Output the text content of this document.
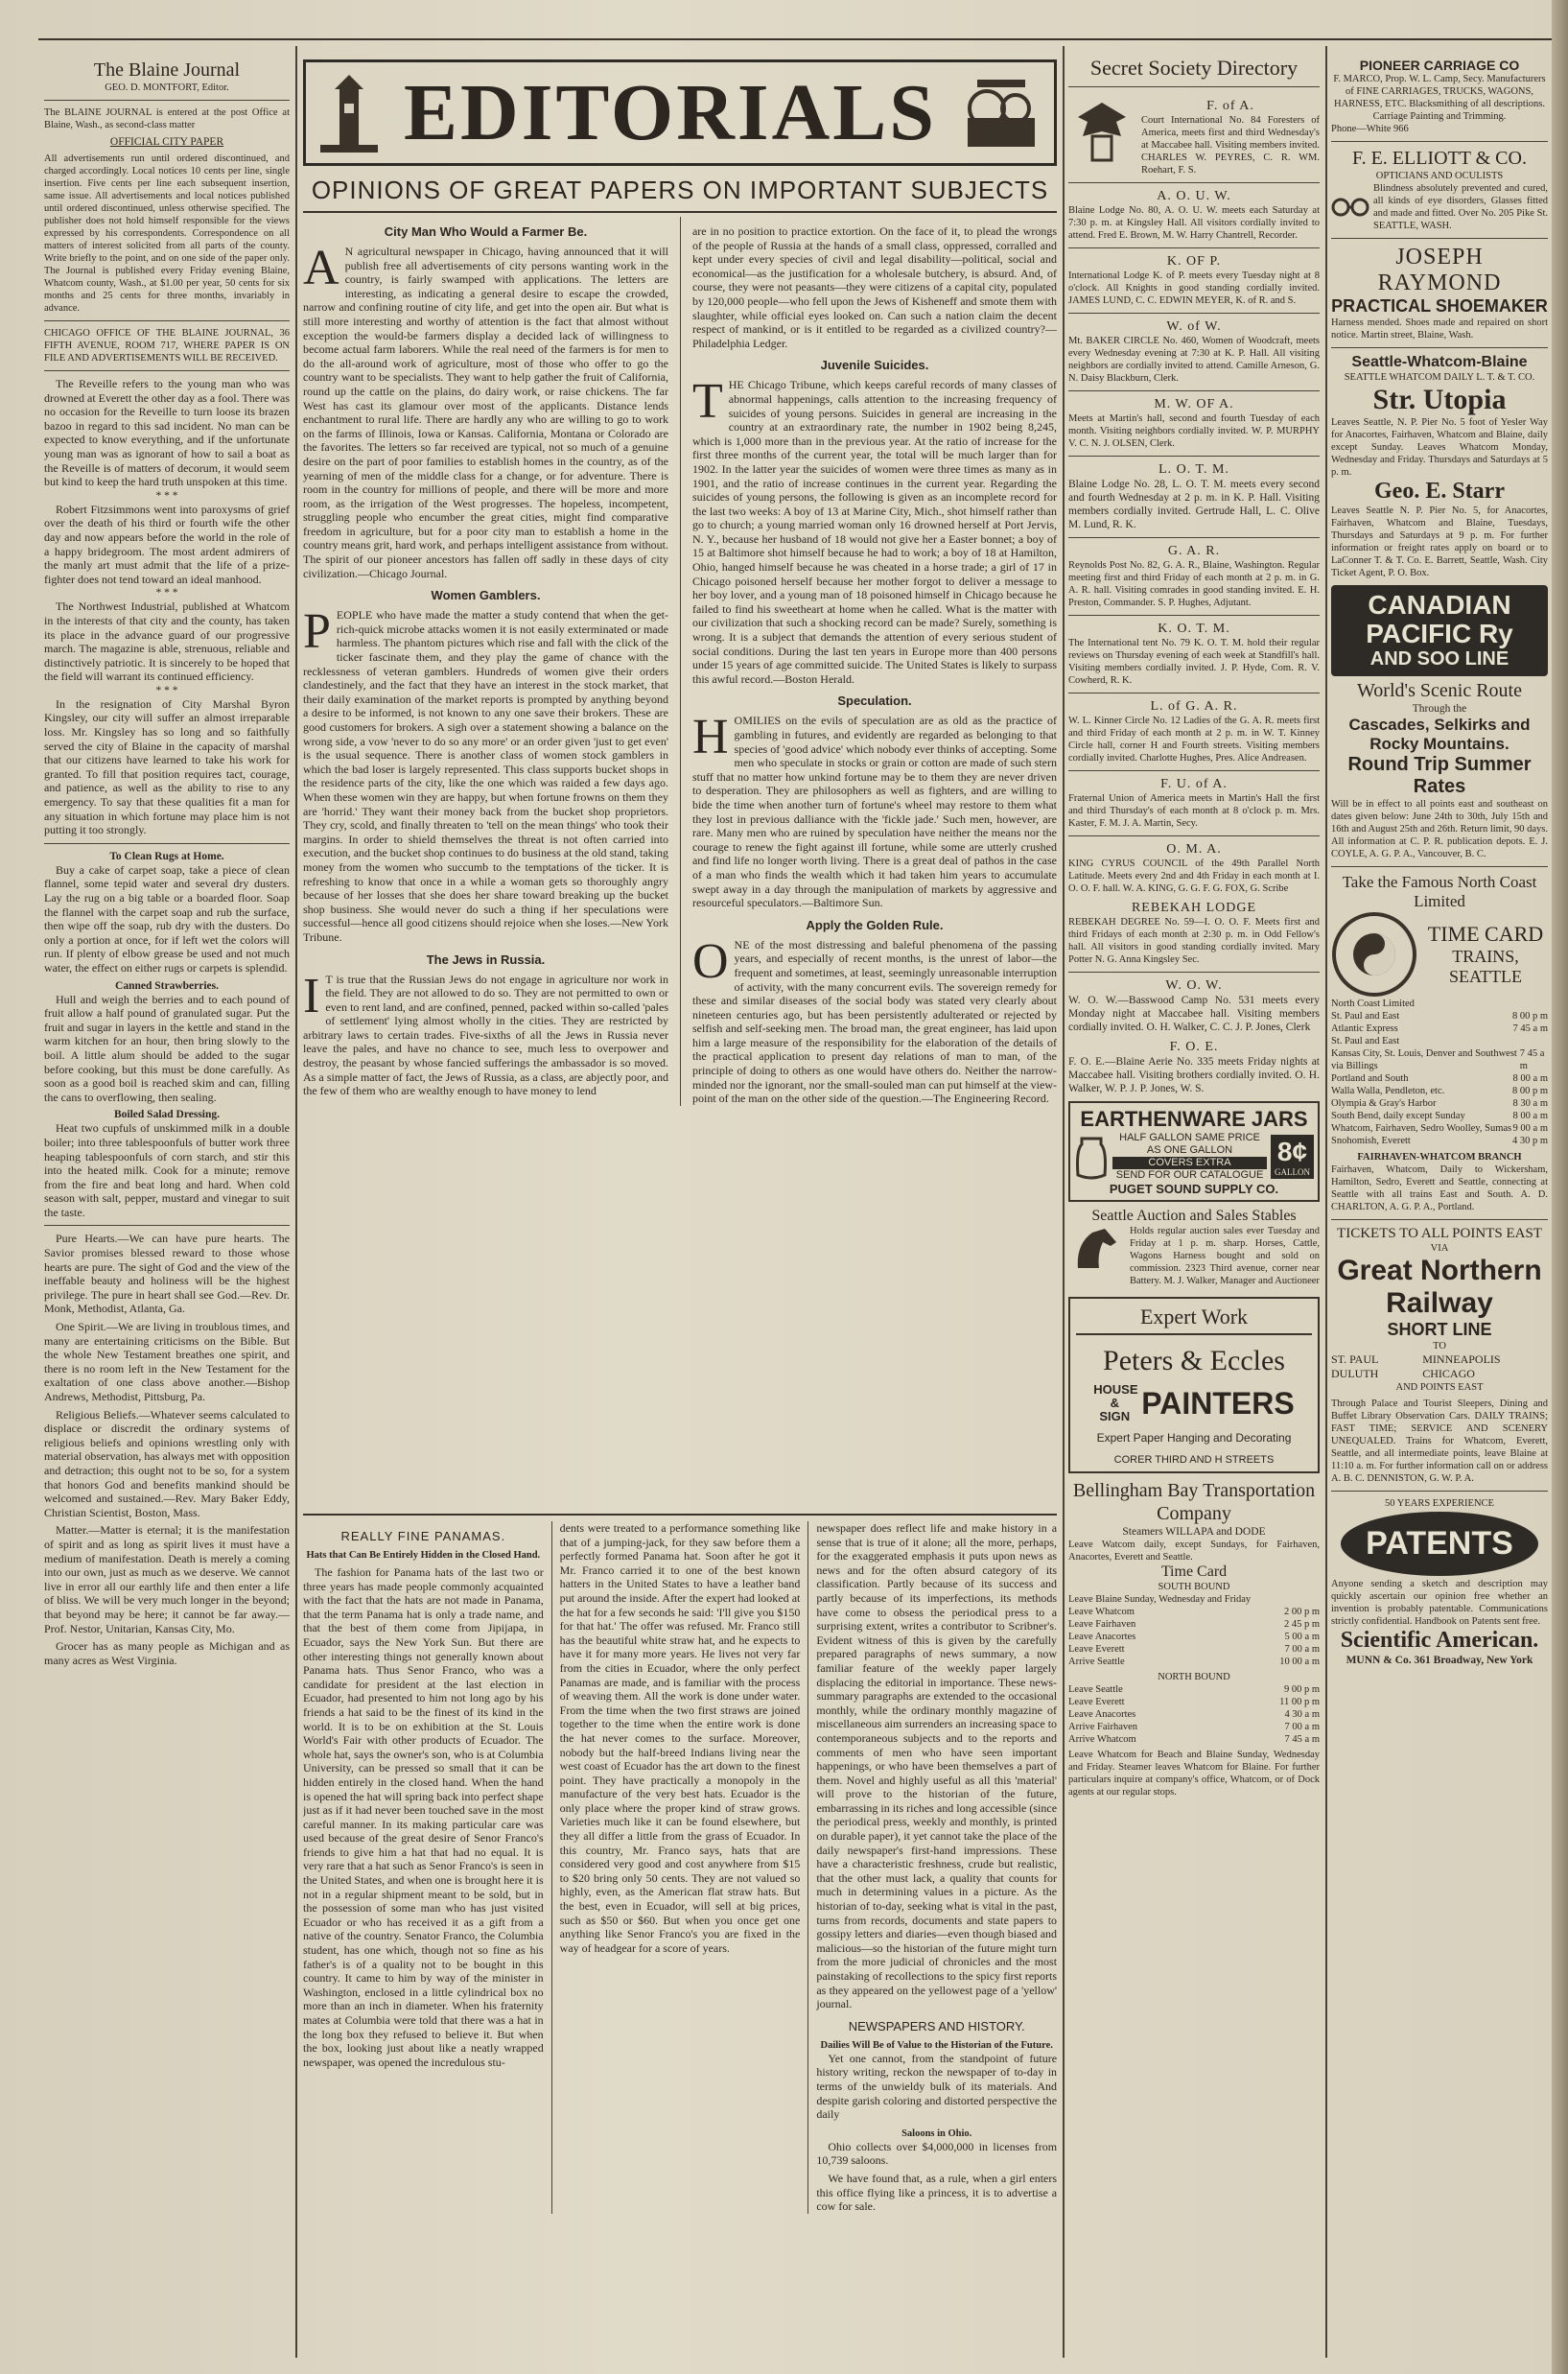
The Blaine Journal
GEO. D. MONTFORT, Editor.

The BLAINE JOURNAL is entered at the post Office at Blaine, Wash., as second-class matter

OFFICIAL CITY PAPER

All advertisements run until ordered discontinued, and charged accordingly. Local notices 10 cents per line, single insertion. Five cents per line each subsequent insertion, same issue. All advertisements and local notices published until ordered discontinued, unless otherwise specified. The publisher does not hold himself responsible for the views expressed by his correspondents. Correspondence on all matters of interest solicited from all parts of the county. Write briefly to the point, and on one side of the paper only. The Journal is published every Friday evening Blaine, Whatcom county, Wash., at $1.00 per year, 50 cents for six months and 25 cents for three months, invariably in advance.

CHICAGO OFFICE OF THE BLAINE JOURNAL, 36 FIFTH AVENUE, ROOM 717, WHERE PAPER IS ON FILE AND ADVERTISEMENTS WILL BE RECEIVED.

The Reveille refers to the young man who was drowned at Everett the other day as a fool. There was no occasion for the Reveille to turn loose its brazen bazoo in regard to this sad incident. No man can be expected to know everything, and if the unfortunate young man was as ignorant of how to sail a boat as the Reveille is of matters of decorum, it would seem but kind to keep the hard truth unspoken at this time.

* * *

Robert Fitzsimmons went into paroxysms of grief over the death of his third or fourth wife the other day and now appears before the world in the role of a happy bridegroom. The most ardent admirers of the manly art must admit that the life of a prize-fighter does not tend toward an ideal manhood.

* * *

The Northwest Industrial, published at Whatcom in the interests of that city and the county, has taken its place in the advance guard of our progressive march. The magazine is able, strenuous, reliable and distinctively patriotic. It is sincerely to be hoped that the field will warrant its continued efficiency.

* * *

In the resignation of City Marshal Byron Kingsley, our city will suffer an almost irreparable loss. Mr. Kingsley has so long and so faithfully served the city of Blaine in the capacity of marshal that our citizens have learned to take his work for granted. To fill that position requires tact, courage, and patience, as well as the ability to rise to any emergency. To say that these qualities fit a man for any situation in which fortune may place him is not putting it too strongly.

To Clean Rugs at Home.

Buy a cake of carpet soap, take a piece of clean flannel, some tepid water and several dry dusters. Lay the rug on a big table or a boarded floor. Soap the flannel with the carpet soap and rub the surface, then wipe off the soap, rub dry with the dusters. Do only a portion at once, for if left wet the colors will run. If plenty of elbow grease be used and not much water, the effect on either rugs or carpets is splendid.

Canned Strawberries.

Hull and weigh the berries and to each pound of fruit allow a half pound of granulated sugar. Put the fruit and sugar in layers in the kettle and stand in the warm kitchen for an hour, then bring slowly to the boil. A little alum should be added to the sugar before cooking, but this must be done carefully. As soon as a good boil is reached skim and can, filling the cans to overflowing, then sealing.

Boiled Salad Dressing.

Heat two cupfuls of unskimmed milk in a double boiler; into three tablespoonfuls of butter work three heaping tablespoonfuls of corn starch, and stir this into the heated milk. Cook for a minute; remove from the fire and beat long and hard. When cold season with salt, pepper, mustard and vinegar to suit the taste.

Pure Hearts.—We can have pure hearts. The Savior promises blessed reward to those whose hearts are pure. The sight of God and the view of the ineffable beauty and holiness will be the highest privilege. The pure in heart shall see God.—Rev. Dr. Monk, Methodist, Atlanta, Ga.

One Spirit.—We are living in troublous times, and many are entertaining criticisms on the Bible. But the whole New Testament breathes one spirit, and there is no room left in the New Testament for the exaltation of one class above another.—Bishop Andrews, Methodist, Pittsburg, Pa.

Religious Beliefs.—Whatever seems calculated to displace or discredit the ordinary systems of religious beliefs and opinions wrestling only with material observation, has always met with opposition and detraction; this ought not to be so, for a system that honors God and benefits mankind should be welcomed and sustained.—Rev. Mary Baker Eddy, Christian Scientist, Boston, Mass.

Matter.—Matter is eternal; it is the manifestation of spirit and as long as spirit lives it must have a medium of manifestation. Death is merely a coming into our own, just as much as we deserve. We cannot live in error all our earthly life and then enter a life of bliss. We will be very much longer in the beyond; that beyond may be here; it cannot be far away.—Prof. Nestor, Unitarian, Kansas City, Mo.

Grocer has as many people as Michigan and as many acres as West Virginia.

EDITORIALS
OPINIONS OF GREAT PAPERS ON IMPORTANT SUBJECTS
City Man Who Would a Farmer Be.

A N agricultural newspaper in Chicago, having announced that it will publish free all advertisements of city persons wanting work in the country, is fairly swamped with applications. The letters are interesting, as indicating a general desire to escape the crowded, narrow and confining routine of city life, and get into the open air. But what is still more interesting and worthy of attention is the fact that almost without exception the would-be farmers display a decided lack of willingness to become actual farm laborers. While the real need of the farmers is for men to do the all-around work of agriculture, most of those who offer to go the country want to be specialists. They want to help gather the fruit of California, round up the cattle on the plains, do dairy work, or raise chickens. The far West has cast its glamour over most of the applicants. Distance lends enchantment to rural life. There are hardly any who are willing to go to work on the farms of Illinois, Iowa or Kansas. California, Montana or Colorado are the favorites. The letters so far received are typical, not so much of a genuine desire on the part of poor families to establish homes in the country, as of the yearning of men of the middle class for a change, or for adventure. There is room in the country for millions of people, and there will be more and more room, as the irrigation of the West progresses. The hopeless, incompetent, struggling people who encumber the great cities, might find comparative freedom in agriculture, but for a poor city man to establish a home in the country means grit, hard work, and perhaps intelligent assistance from without. The spirit of our pioneer ancestors has fallen off sadly in these days of city civilization.—Chicago Journal.

Women Gamblers.

PEOPLE who have made the matter a study contend that when the get-rich-quick microbe attacks women it is not easily exterminated or made harmless. The phantom pictures which rise and fall with the click of the ticker fascinate them, and they play the game of chance with the recklessness of veteran gamblers. Hundreds of women give their orders clandestinely, and the fact that they have an interest in the stock market, that their daily examination of the market reports is prompted by anything beyond a desire to be informed, is not known to any one save their brokers. These are good customers for brokers. A sigh over a statement showing a balance on the wrong side, a vow 'never to do so any more' or an order given 'just to get even' is the usual sequence. There is another class of women stock gamblers in which the bad loser is largely represented. This class supports bucket shops in the residence parts of the city, like the one which was raided a few days ago. When these women win they are happy, but when fortune frowns on them they are 'horrid.' They want their money back from the bucket shop proprietors. They cry, scold, and finally threaten to 'tell on the mean things' who took their margins. In order to shield themselves the threat is not often carried into execution, and the bucket shop continues to do business at the old stand, taking money from the women who succumb to the temptations of the ticker. It is refreshing to know that once in a while a woman gets so thoroughly angry because of her losses that she does her share toward breaking up the bucket shop business. She would never do such a thing if her speculations were successful—hence all good citizens should rejoice when she loses.—New York Tribune.

The Jews in Russia.

I T is true that the Russian Jews do not engage in agriculture nor work in the field. They are not allowed to do so. They are not permitted to own or even to rent land, and are confined, penned, packed within so-called 'pales of settlement' lying almost wholly in the cities. They are restricted by arbitrary laws to certain trades. Five-sixths of all the Jews in Russia never leave the pales, and have no chance to see, much less to overpower and destroy, the peasant by whose fancied sufferings the ambassador is so moved. As a simple matter of fact, the Jews of Russia, as a class, are abjectly poor, and the few of them who are wealthy enough to have money to lend

are in no position to practice extortion. On the face of it, to plead the wrongs of the people of Russia at the hands of a small class, oppressed, corralled and kept under every species of civil and legal disability—political, social and economical—as the justification for a wholesale butchery, is absurd. And, of course, they were not peasants—they were citizens of a capital city, populated by 120,000 people—who fell upon the Jews of Kisheneff and smote them with slaughter, while official eyes looked on. Can such a nation claim the decent respect of mankind, or is it entitled to be regarded as a civilized country?—Philadelphia Ledger.

Juvenile Suicides.

THE Chicago Tribune, which keeps careful records of many classes of abnormal happenings, calls attention to the increasing frequency of suicides of young persons. Suicides in general are increasing in the country at an extraordinary rate, the number in 1902 being 8,245, which is 1,000 more than in the previous year. At the ratio of increase for the first three months of the current year, the total will be much larger than for 1902. In the latter year the suicides of women were three times as many as in 1901, and the ratio of increase continues in the current year. Regarding the suicides of young persons, the following is given as an incomplete record for the last two weeks: A boy of 13 at Marine City, Mich., shot himself rather than go to church; a young married woman only 16 drowned herself at Port Jervis, N. Y., because her husband of 18 would not give her a Easter bonnet; a boy of 15 at Baltimore shot himself because he had to work; a boy of 18 at Hamilton, Ohio, hanged himself because he was cheated in a horse trade; a girl of 17 in Chicago poisoned herself because her mother forgot to deliver a message to her boy lover, and a young man of 18 poisoned himself in Chicago because he failed to find his sweetheart at home when he called. What is the matter with our civilization that such a shocking record can be made? Surely, something is wrong. It is a subject that demands the attention of every serious student of social conditions. During the last ten years in Europe more than 400 persons under 15 years of age committed suicide. The United States is likely to surpass this awful record.—Boston Herald.

Speculation.

HOMILIES on the evils of speculation are as old as the practice of gambling in futures, and evidently are regarded as belonging to that species of 'good advice' which nobody ever thinks of accepting. Some men who speculate in stocks or grain or cotton are made of such stern stuff that no matter how unkind fortune may be to them they are never driven to desperation. They are philosophers as well as fighters, and are willing to bide the time when another turn of fortune's wheel may restore to them what they lost in previous dalliance with the 'fickle jade.' Such men, however, are rare. Many men who are ruined by speculation have neither the means nor the courage to renew the fight against ill fortune, while some are utterly crushed and find life no longer worth living. There is a great deal of pathos in the case of a man who finds the wealth which it had taken him years to accumulate swept away in a day through the manipulation of markets by aggressive and resourceful speculators.—Baltimore Sun.

Apply the Golden Rule.

ONE of the most distressing and baleful phenomena of the passing years, and especially of recent months, is the unrest of labor—the frequent and sometimes, at least, seemingly unreasonable interruption of activity, with the many concurrent evils. The sovereign remedy for these and similar diseases of the social body was stated very clearly about nineteen centuries ago, but has been persistently adulterated or rejected by selfish and self-seeking men. The broad man, the great engineer, has laid upon him a large measure of the responsibility for the elaboration of the details of the practical application to present day relations of man to man, of the principle of doing to others as one would have others do. Neither the narrow-minded nor the ignorant, nor the small-souled man can put himself at the view-point of the man on the other side of the question.—The Engineering Record.

REALLY FINE PANAMAS.
Hats that Can Be Entirely Hidden in the Closed Hand.

The fashion for Panama hats of the last two or three years has made people commonly acquainted with the fact that the hats are not made in Panama, that the term Panama hat is only a trade name, and that the best of them come from Jipijapa, in Ecuador, says the New York Sun. But there are other interesting things not generally known about Panama hats. Thus Senor Franco, who was a candidate for president at the last election in Ecuador, had presented to him not long ago by his friends a hat said to be the finest of its kind in the world. It is to be on exhibition at the St. Louis World's Fair with other products of Ecuador. The whole hat, says the owner's son, who is at Columbia University, can be pressed so small that it can be hidden entirely in the closed hand. When the hand is opened the hat will spring back into perfect shape just as if it had never been touched save in the most careful manner. In its making particular care was used because of the great desire of Senor Franco's friends to give him a hat that had no equal. It is very rare that a hat such as Senor Franco's is seen in the United States, and when one is brought here it is not in a regular shipment meant to be sold, but in the possession of some man who has just visited Ecuador or who has received it as a gift from a native of the country. Senator Franco, the Columbia student, has one which, though not so fine as his father's is of a quality not to be bought in this country. It came to him by way of the minister in Washington, enclosed in a little cylindrical box no more than an inch in diameter. When his fraternity mates at Columbia were told that there was a hat in the long box they refused to believe it. But when the box, looking just about like a neatly wrapped newspaper, was opened the incredulous stu-

dents were treated to a performance something like that of a jumping-jack, for they saw before them a perfectly formed Panama hat. Soon after he got it Mr. Franco carried it to one of the best known hatters in the United States to have a leather band put around the inside. After the expert had looked at the hat for a few seconds he said: 'I'll give you $150 for that hat.' The offer was refused. Mr. Franco still has the beautiful white straw hat, and he expects to have it for many more years. He lives not very far from the cities in Ecuador, where the only perfect Panamas are made, and is familiar with the process of weaving them. All the work is done under water. From the time when the two first straws are joined together to the time when the entire work is done the hat never comes to the surface. Moreover, nobody but the half-breed Indians living near the west coast of Ecuador has the art down to the finest point. They have practically a monopoly in the manufacture of the very best hats. Ecuador is the only place where the proper kind of straw grows. Varieties much like it can be found elsewhere, but they all differ a little from the grass of Ecuador. In this country, Mr. Franco says, hats that are considered very good and cost anywhere from $15 to $20 bring only 50 cents. They are not valued so highly, even, as the American flat straw hats. But the best, even in Ecuador, will sell at big prices, such as $50 or $60. But when you once get one anything like Senor Franco's you are fixed in the way of headgear for a score of years.

newspaper does reflect life and make history in a sense that is true of it alone; all the more, perhaps, for the exaggerated emphasis it puts upon news as news and for the often absurd category of its classification. Partly because of its success and partly because of its imperfections, its methods have come to obsess the periodical press to a surprising extent, writes a contributor to Scribner's. Evident witness of this is given by the carefully prepared paragraphs of news summary, a now familiar feature of the weekly paper largely displacing the editorial in importance. These news-summary paragraphs are extended to the occasional monthly, while the ordinary monthly magazine of miscellaneous aim surrenders an increasing space to contemporaneous subjects and to the reports and comments of men who have seen important happenings, or who have been themselves a part of them. Novel and highly useful as all this 'material' will prove to the historian of the future, embarrassing in its riches and long accessible (since the periodical press, weekly and monthly, is printed on durable paper), it yet cannot take the place of the daily newspaper's first-hand impressions. These have a characteristic freshness, crude but realistic, that the other must lack, a quality that counts for much in determining values in a picture. As the historian of to-day, seeking what is vital in the past, turns from records, documents and state papers to gossipy letters and diaries—even though biased and malicious—so the historian of the future might turn from the more judicial of chronicles and the most painstaking of recollections to the spicy first reports as they appeared on the yellowest page of a 'yellow' journal.

NEWSPAPERS AND HISTORY.
Dailies Will Be of Value to the Historian of the Future.

Yet one cannot, from the standpoint of future history writing, reckon the newspaper of to-day in terms of the unwieldy bulk of its materials. And despite garish coloring and distorted perspective the daily

Saloons in Ohio.

Ohio collects over $4,000,000 in licenses from 10,739 saloons.

We have found that, as a rule, when a girl enters this office flying like a princess, it is to advertise a cow for sale.

Secret Society Directory
F. of A.

Court International No. 84 Foresters of America, meets first and third Wednesday's at Maccabee hall. Visiting members invited. CHARLES W. PEYRES, C. R. WM. Roehart, F. S.

A. O. U. W.

Blaine Lodge No. 80, A. O. U. W. meets each Saturday at 7:30 p. m. at Kingsley Hall. All visitors cordially invited to attend. Fred E. Brown, M. W. Harry Chantrell, Recorder.

K. OF P.

International Lodge K. of P. meets every Tuesday night at 8 o'clock. All Knights in good standing cordially invited. JAMES LUND, C. C. EDWIN MEYER, K. of R. and S.

W. of W.

Mt. BAKER CIRCLE No. 460, Women of Woodcraft, meets every Wednesday evening at 7:30 at K. P. Hall. All visiting neighbors are cordially invited to attend. Camille Arneson, G. N. Daisy Blackburn, Clerk.

M. W. OF A.

Meets at Martin's hall, second and fourth Tuesday of each month. Visiting neighbors cordially invited. W. P. MURPHY V. C. N. J. OLSEN, Clerk.

L. O. T. M.

Blaine Lodge No. 28, L. O. T. M. meets every second and fourth Wednesday at 2 p. m. in K. P. Hall. Visiting members cordially invited. Gertrude Hall, L. C. Olive M. Lund, R. K.

G. A. R.

Reynolds Post No. 82, G. A. R., Blaine, Washington. Regular meeting first and third Friday of each month at 2 p. m. in G. A. R. hall. Visiting comrades in good standing invited. E. H. Preston, Commander. S. P. Hughes, Adjutant.

K. O. T. M.

The International tent No. 79 K. O. T. M. hold their regular reviews on Thursday evening of each week at Standfill's hall. Visiting members cordially invited. J. P. Hyde, Com. R. V. Cowherd, R. K.

L. of G. A. R.

W. L. Kinner Circle No. 12 Ladies of the G. A. R. meets first and third Friday of each month at 2 p. m. in W. T. Kinney Circle hall, corner H and Fourth streets. Visiting members cordially invited. Charlotte Hughes, Pres. Alice Andreasen.

F. U. of A.

Fraternal Union of America meets in Martin's Hall the first and third Thursday's of each month at 8 o'clock p. m. Mrs. Kaster, F. M. J. A. Martin, Secy.

O. M. A.

KING CYRUS COUNCIL of the 49th Parallel North Latitude. Meets every 2nd and 4th Friday in each month at I. O. O. F. hall. W. A. KING, G. G. F. G. FOX, G. Scribe

REBEKAH LODGE

REBEKAH DEGREE No. 59—I. O. O. F. Meets first and third Fridays of each month at 2:30 p. m. in Odd Fellow's hall. All visitors in good standing cordially invited. Mary Potter N. G. Anna Kingsley Sec.

W. O. W.

W. O. W.—Basswood Camp No. 531 meets every Monday night at Maccabee hall. Visiting members cordially invited. O. H. Walker, C. C. J. P. Jones, Clerk

F. O. E.

F. O. E.—Blaine Aerie No. 335 meets Friday nights at Maccabee hall. Visiting brothers cordially invited. O. H. Walker, W. P. J. P. Jones, W. S.

EARTHENWARE JARS
HALF GALLON SAME PRICE AS ONE GALLON
COVERS EXTRA
SEND FOR OUR CATALOGUE
8¢
GALLON
PUGET SOUND SUPPLY CO.
Seattle Auction and Sales Stables

Holds regular auction sales ever Tuesday and Friday at 1 p. m. sharp. Horses, Cattle, Wagons Harness bought and sold on commission. 2323 Third avenue, corner near Battery. M. J. Walker, Manager and Auctioneer

Expert Work
Peters & Eccles
HOUSE & SIGN PAINTERS
Expert Paper Hanging and Decorating
CORER THIRD AND H STREETS
Bellingham Bay Transportation Company
Steamers WILLAPA and DODE

Leave Watcom daily, except Sundays, for Fairhaven, Anacortes, Everett and Seattle.

Time Card
SOUTH BOUND
Leave Blaine Sunday, Wednesday and Friday
Leave Whatcom	2 00 p m
Leave Fairhaven	2 45 p m
Leave Anacortes	5 00 a m
Leave Everett	7 00 a m
Arrive Seattle	10 00 a m
NORTH BOUND
Leave Seattle	9 00 p m
Leave Everett	11 00 p m
Leave Anacortes	4 30 a m
Arrive Fairhaven	7 00 a m
Arrive Whatcom	7 45 a m

Leave Whatcom for Beach and Blaine Sunday, Wednesday and Friday. Steamer leaves Whatcom for Blaine. For further particulars inquire at company's office, Whatcom, or of Dock agents at our regular stops.

PIONEER CARRIAGE CO

F. MARCO, Prop. W. L. Camp, Secy. Manufacturers of FINE CARRIAGES, TRUCKS, WAGONS, HARNESS, ETC. Blacksmithing of all descriptions. Carriage Painting and Trimming.

Phone—White 966
F. E. ELLIOTT & CO.
OPTICIANS AND OCULISTS

Blindness absolutely prevented and cured, all kinds of eye disorders, Glasses fitted and made and fitted. Over No. 205 Pike St. SEATTLE, WASH.

JOSEPH RAYMOND
PRACTICAL SHOEMAKER

Harness mended. Shoes made and repaired on short notice. Martin street, Blaine, Wash.

Seattle-Whatcom-Blaine
SEATTLE WHATCOM DAILY L. T. & T. CO.
Str. Utopia

Leaves Seattle, N. P. Pier No. 5 foot of Yesler Way for Anacortes, Fairhaven, Whatcom and Blaine, daily except Sunday. Leaves Whatcom Monday, Wednesday and Friday. Thursdays and Saturdays at 5 p. m.

Geo. E. Starr

Leaves Seattle N. P. Pier No. 5, for Anacortes, Fairhaven, Whatcom and Blaine, Tuesdays, Thursdays and Saturdays at 9 p. m. For further information or freight rates apply on board or to LaConner T. & T. Co. E. Barrett, Seattle, Wash. City Ticket Agent, P. O. Box.

CANADIAN PACIFIC Ry
AND SOO LINE
World's Scenic Route
Through the
Cascades, Selkirks and Rocky Mountains.
Round Trip Summer Rates

Will be in effect to all points east and southeast on dates given below: June 24th to 30th, July 15th and 16th and August 25th and 26th. Return limit, 90 days. All information at C. P. R. publication depots. E. J. COYLE, A. G. P. A., Vancouver, B. C.

Take the Famous North Coast Limited
TIME CARD
TRAINS, SEATTLE
North Coast Limited
St. Paul and East	8 00 p m
Atlantic Express	7 45 a m
St. Paul and East
Kansas City, St. Louis, Denver and Southwest via Billings
7 45 a m
Portland and South	8 00 a m
Walla Walla, Pendleton, etc.	8 00 p m
Olympia & Gray's Harbor	8 30 a m
South Bend, daily except Sunday	8 00 a m
Whatcom, Fairhaven, Sedro Woolley, Sumas 9 00 a m
Snohomish, Everett	4 30 p m
FAIRHAVEN-WHATCOM BRANCH

Fairhaven, Whatcom, Daily to Wickersham, Hamilton, Sedro, Everett and Seattle, connecting at Seattle with all trains East and South. A. D. CHARLTON, A. G. P. A., Portland.

TICKETS TO ALL POINTS EAST
VIA
Great Northern Railway
SHORT LINE
TO
ST. PAUL DULUTH
MINNEAPOLIS CHICAGO
AND POINTS EAST

Through Palace and Tourist Sleepers, Dining and Buffet Library Observation Cars. DAILY TRAINS; FAST TIME; SERVICE AND SCENERY UNEQUALED. Trains for Whatcom, Everett, Seattle, and all intermediate points, leave Blaine at 11:10 a. m. For further information call on or address A. B. C. DENNISTON, G. W. P. A.

50 YEARS EXPERIENCE
PATENTS

Anyone sending a sketch and description may quickly ascertain our opinion free whether an invention is probably patentable. Communications strictly confidential. Handbook on Patents sent free.

Scientific American.
MUNN & Co. 361 Broadway, New York
